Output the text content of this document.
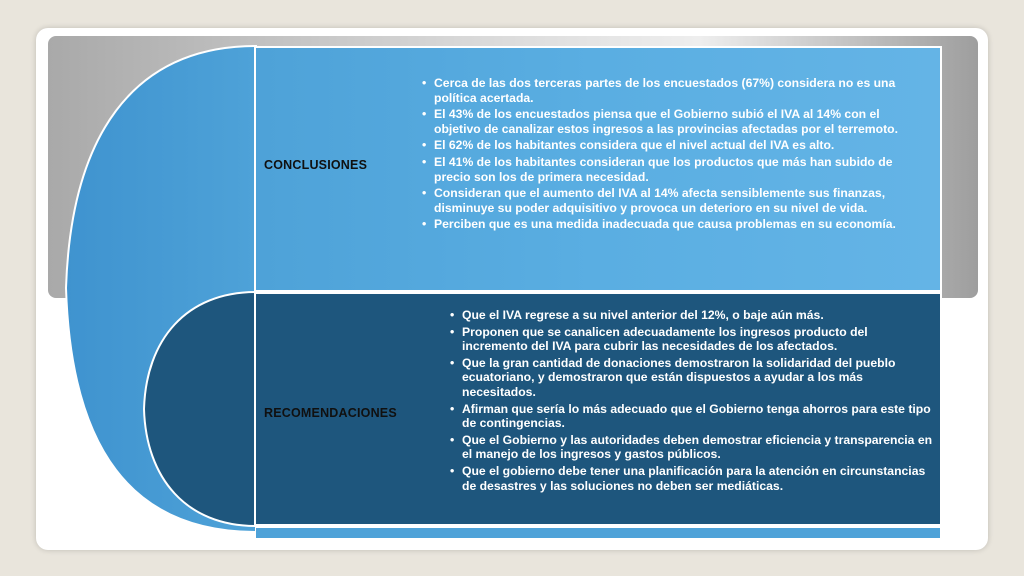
CONCLUSIONES
• Cerca de las dos terceras partes de los encuestados (67%) considera no es una política acertada.
• El 43% de los encuestados piensa que el Gobierno subió el IVA al 14% con el objetivo de canalizar estos ingresos a las provincias afectadas por el terremoto.
• El 62% de los habitantes considera que el nivel actual del IVA es alto.
• El 41% de los habitantes consideran que los productos que más han subido de precio son los de primera necesidad.
• Consideran que el aumento del IVA al 14% afecta sensiblemente sus finanzas, disminuye su poder adquisitivo y provoca un deterioro en su nivel de vida.
• Perciben que es una medida inadecuada que causa problemas en su economía.
RECOMENDACIONES
• Que el IVA regrese a su nivel anterior del 12%, o baje aún más.
• Proponen que se canalicen adecuadamente los ingresos producto del incremento del IVA para cubrir las necesidades de los afectados.
• Que la gran cantidad de donaciones demostraron la solidaridad del pueblo ecuatoriano, y demostraron que están dispuestos a ayudar a los más necesitados.
• Afirman que sería lo más adecuado que el Gobierno tenga ahorros para este tipo de contingencias.
• Que el Gobierno y las autoridades deben demostrar eficiencia y transparencia en el manejo de los ingresos y gastos públicos.
• Que el gobierno debe tener una planificación para la atención en circunstancias de desastres y las soluciones no deben ser mediáticas.
